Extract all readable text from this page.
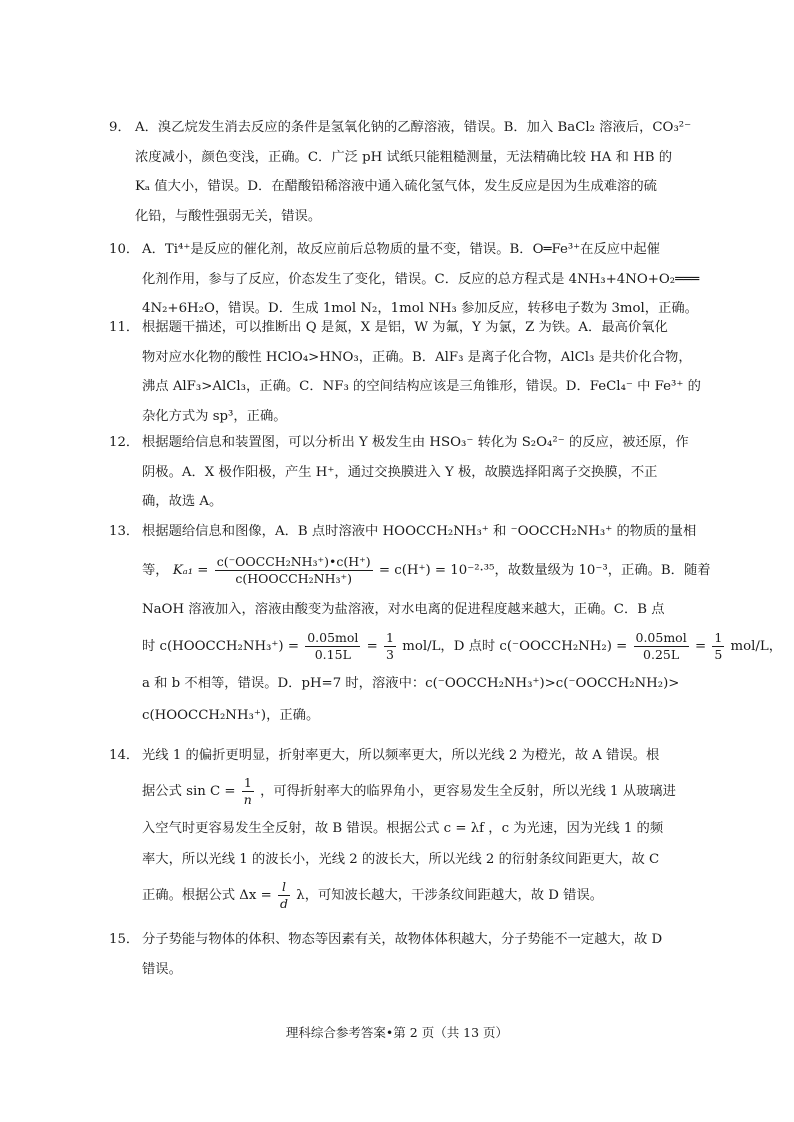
9． A．溴乙烷发生消去反应的条件是氢氧化钠的乙醇溶液，错误。B．加入 BaCl₂ 溶液后，CO₃²⁻
浓度减小，颜色变浅，正确。C．广泛 pH 试纸只能粗糙测量，无法精确比较 HA 和 HB 的
Kₐ 值大小，错误。D．在醋酸铅稀溶液中通入硫化氢气体，发生反应是因为生成难溶的硫
化铅，与酸性强弱无关，错误。
10． A．Ti⁴⁺是反应的催化剂，故反应前后总物质的量不变，错误。B．O═Fe³⁺在反应中起催
化剂作用，参与了反应，价态发生了变化，错误。C．反应的总方程式是 4NH₃+4NO+O₂═══
4N₂+6H₂O，错误。D．生成 1mol N₂，1mol NH₃ 参加反应，转移电子数为 3mol，正确。
11． 根据题干描述，可以推断出 Q 是氮，X 是铝，W 为氟，Y 为氯，Z 为铁。A．最高价氧化
物对应水化物的酸性 HClO₄>HNO₃，正确。B．AlF₃ 是离子化合物，AlCl₃ 是共价化合物，
沸点 AlF₃>AlCl₃，正确。C．NF₃ 的空间结构应该是三角锥形，错误。D．FeCl₄⁻ 中 Fe³⁺ 的
杂化方式为 sp³，正确。
12． 根据题给信息和装置图，可以分析出 Y 极发生由 HSO₃⁻ 转化为 S₂O₄²⁻ 的反应，被还原，作
阴极。A．X 极作阳极，产生 H⁺，通过交换膜进入 Y 极，故膜选择阳离子交换膜，不正
确，故选 A。
13． 根据题给信息和图像，A．B 点时溶液中 HOOCCH₂NH₃⁺ 和 ⁻OOCCH₂NH₃⁺ 的物质的量相
等， $K_{a1} = \frac{\text{c(⁻OOCCH₂NH₃⁺)•c(H⁺)}}{\text{c(HOOCCH₂NH₃⁺)}} = c(H^+) = 10^{-2}\cdot^{35}$，故数量级为 10⁻³，正确。B．随着
NaOH 溶液加入，溶液由酸变为盐溶液，对水电离的促进程度越来越大，正确。C．B 点
时 c(HOOCCH₂NH₃⁺) = $\frac{\text{0.05mol}}{0.15L} = \frac{1}{3} mol/L$，D 点时 c(⁻OOCCH₂NH₂) = $\frac{\text{0.05mol}}{0.25L} = \frac{1}{5} mol/L$，
a 和 b 不相等，错误。D．pH=7 时，溶液中：c(⁻OOCCH₂NH₃⁺)>c(⁻OOCCH₂NH₂)>
c(HOOCCH₂NH₃⁺)，正确。
14． 光线 1 的偏折更明显，折射率更大，所以频率更大，所以光线 2 为橙光，故 A 错误。根
据公式 $\sin C = \frac{1}{n}$ ，可得折射率大的临界角小，更容易发生全反射，所以光线 1 从玻璃进
入空气时更容易发生全反射，故 B 错误。根据公式 c = λf ，c 为光速，因为光线 1 的频
率大，所以光线 1 的波长小，光线 2 的波长大，所以光线 2 的衍射条纹间距更大，故 C
正确。根据公式 $\Delta x = \frac{l}{d}$ λ，可知波长越大，干涉条纹间距越大，故 D 错误。
15． 分子势能与物体的体积、物态等因素有关，故物体体积越大，分子势能不一定越大，故 D
错误。
理科综合参考答案•第 2 页（共 13 页）
